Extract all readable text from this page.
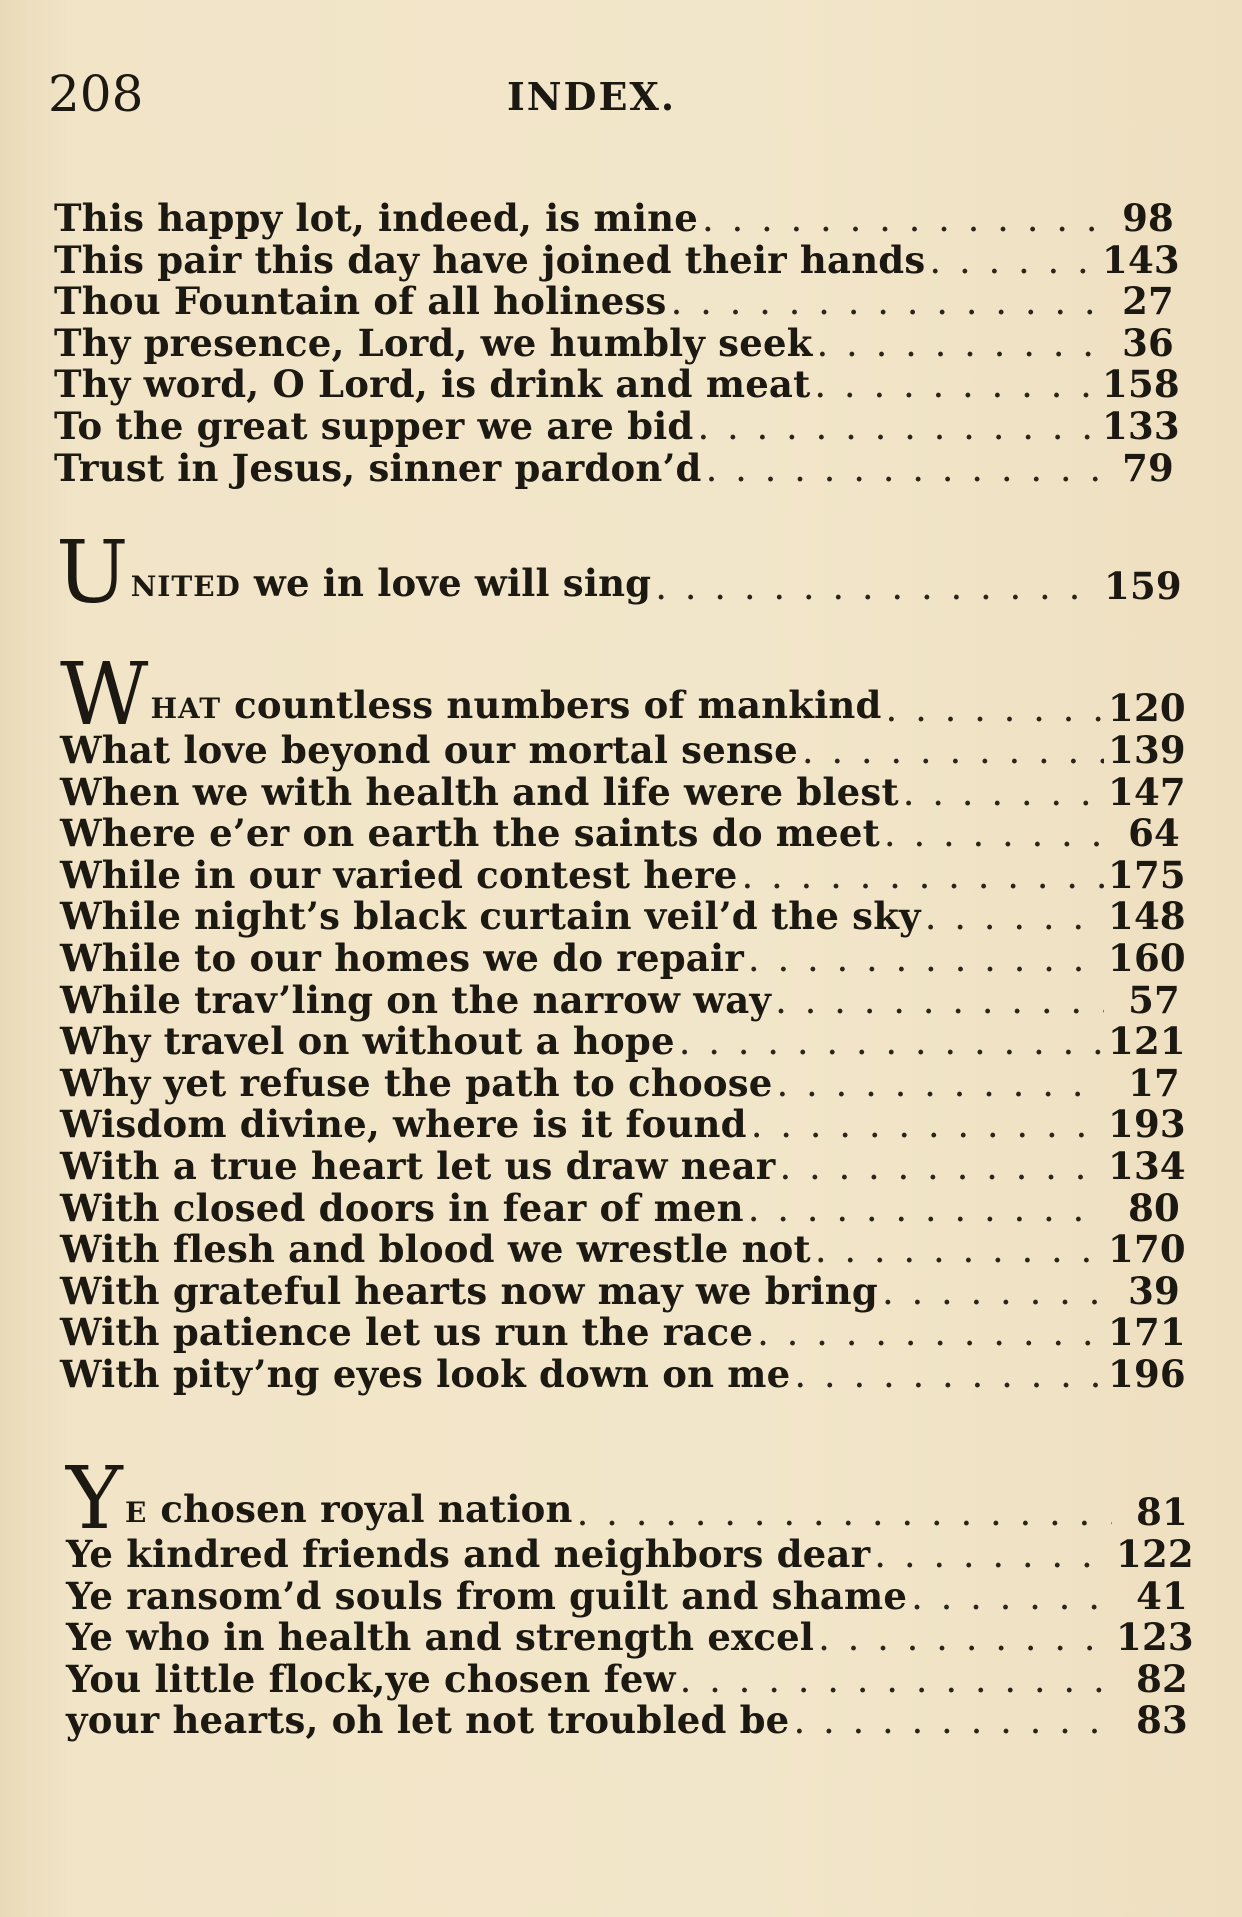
208	INDEX.
This happy lot, indeed, is mine . . .	98
This pair this day have joined their hands . . .	143
Thou Fountain of all holiness . . .	27
Thy presence, Lord, we humbly seek . . .	36
Thy word, O Lord, is drink and meat . . .	158
To the great supper we are bid . . .	133
Trust in Jesus, sinner pardon’d . . .	79
UNITED we in love will sing . . .	159
WHAT countless numbers of mankind . . .	120
What love beyond our mortal sense . . .	139
When we with health and life were blest . . .	147
Where e’er on earth the saints do meet . . .	64
While in our varied contest here . . .	175
While night’s black curtain veil’d the sky . . .	148
While to our homes we do repair . . .	160
While trav’ling on the narrow way . . .	57
Why travel on without a hope . . .	121
Why yet refuse the path to choose . . .	17
Wisdom divine, where is it found . . .	193
With a true heart let us draw near . . .	134
With closed doors in fear of men . . .	80
With flesh and blood we wrestle not . . .	170
With grateful hearts now may we bring . . .	39
With patience let us run the race . . .	171
With pity’ng eyes look down on me . . .	196
YE chosen royal nation . . .	81
Ye kindred friends and neighbors dear . . .	122
Ye ransom’d souls from guilt and shame . . .	41
Ye who in health and strength excel . . .	123
You little flock,ye chosen few . . .	82
your hearts, oh let not troubled be . . .	83
